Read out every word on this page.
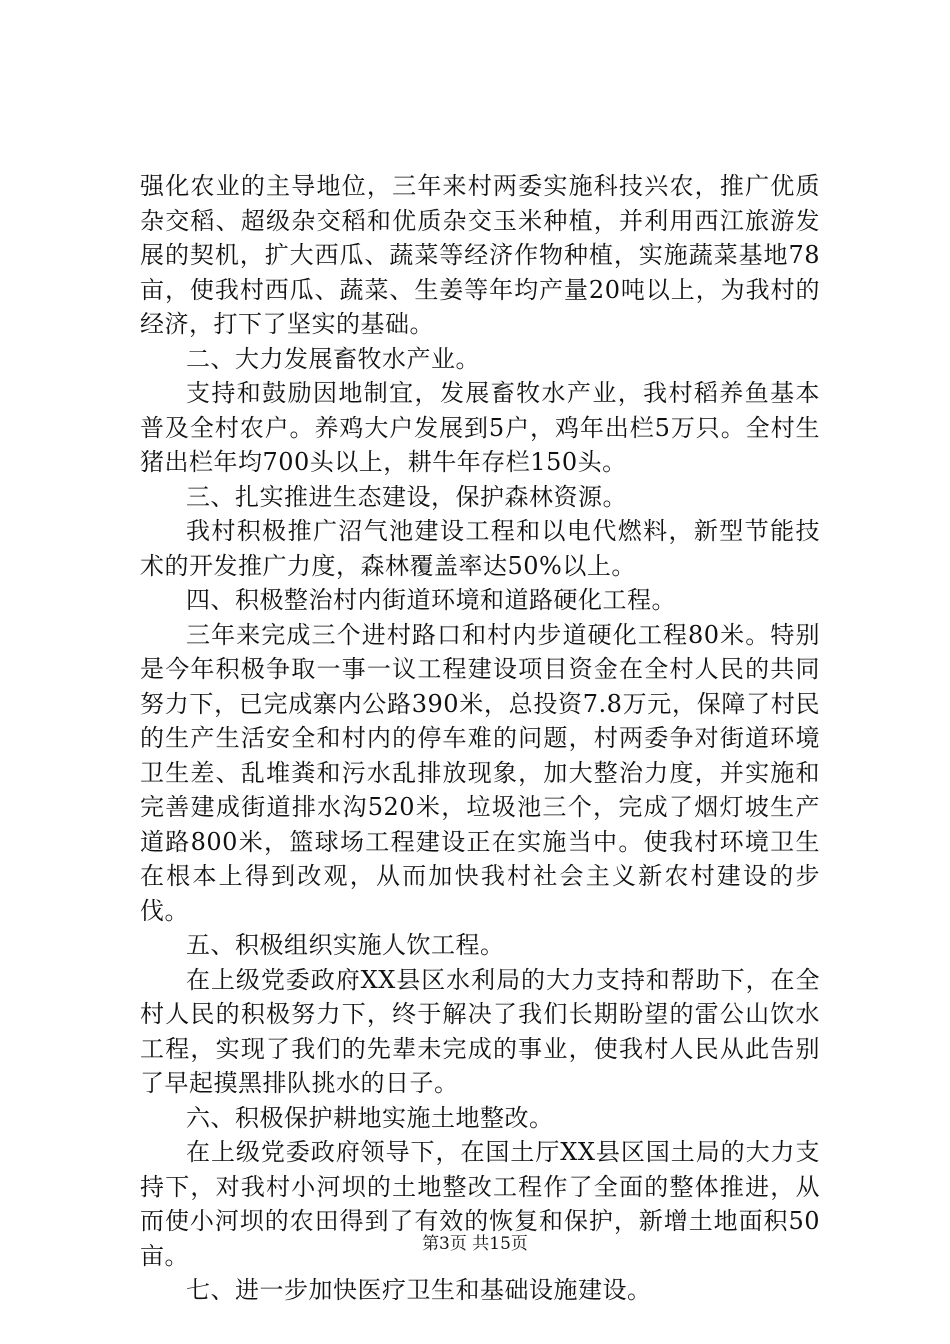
强化农业的主导地位，三年来村两委实施科技兴农，推广优质杂交稻、超级杂交稻和优质杂交玉米种植，并利用西江旅游发展的契机，扩大西瓜、蔬菜等经济作物种植，实施蔬菜基地78亩，使我村西瓜、蔬菜、生姜等年均产量20吨以上，为我村的经济，打下了坚实的基础。

二、大力发展畜牧水产业。

支持和鼓励因地制宜，发展畜牧水产业，我村稻养鱼基本普及全村农户。养鸡大户发展到5户，鸡年出栏5万只。全村生猪出栏年均700头以上，耕牛年存栏150头。

三、扎实推进生态建设，保护森林资源。

我村积极推广沼气池建设工程和以电代燃料，新型节能技术的开发推广力度，森林覆盖率达50%以上。

四、积极整治村内街道环境和道路硬化工程。

三年来完成三个进村路口和村内步道硬化工程80米。特别是今年积极争取一事一议工程建设项目资金在全村人民的共同努力下，已完成寨内公路390米，总投资7.8万元，保障了村民的生产生活安全和村内的停车难的问题，村两委争对街道环境卫生差、乱堆粪和污水乱排放现象，加大整治力度，并实施和完善建成街道排水沟520米，垃圾池三个，完成了烟灯坡生产道路800米，篮球场工程建设正在实施当中。使我村环境卫生在根本上得到改观，从而加快我村社会主义新农村建设的步伐。

五、积极组织实施人饮工程。

在上级党委政府XX县区水利局的大力支持和帮助下，在全村人民的积极努力下，终于解决了我们长期盼望的雷公山饮水工程，实现了我们的先辈未完成的事业，使我村人民从此告别了早起摸黑排队挑水的日子。

六、积极保护耕地实施土地整改。

在上级党委政府领导下，在国土厅XX县区国土局的大力支持下，对我村小河坝的土地整改工程作了全面的整体推进，从而使小河坝的农田得到了有效的恢复和保护，新增土地面积50亩。

七、进一步加快医疗卫生和基础设施建设。

第3页 共15页
